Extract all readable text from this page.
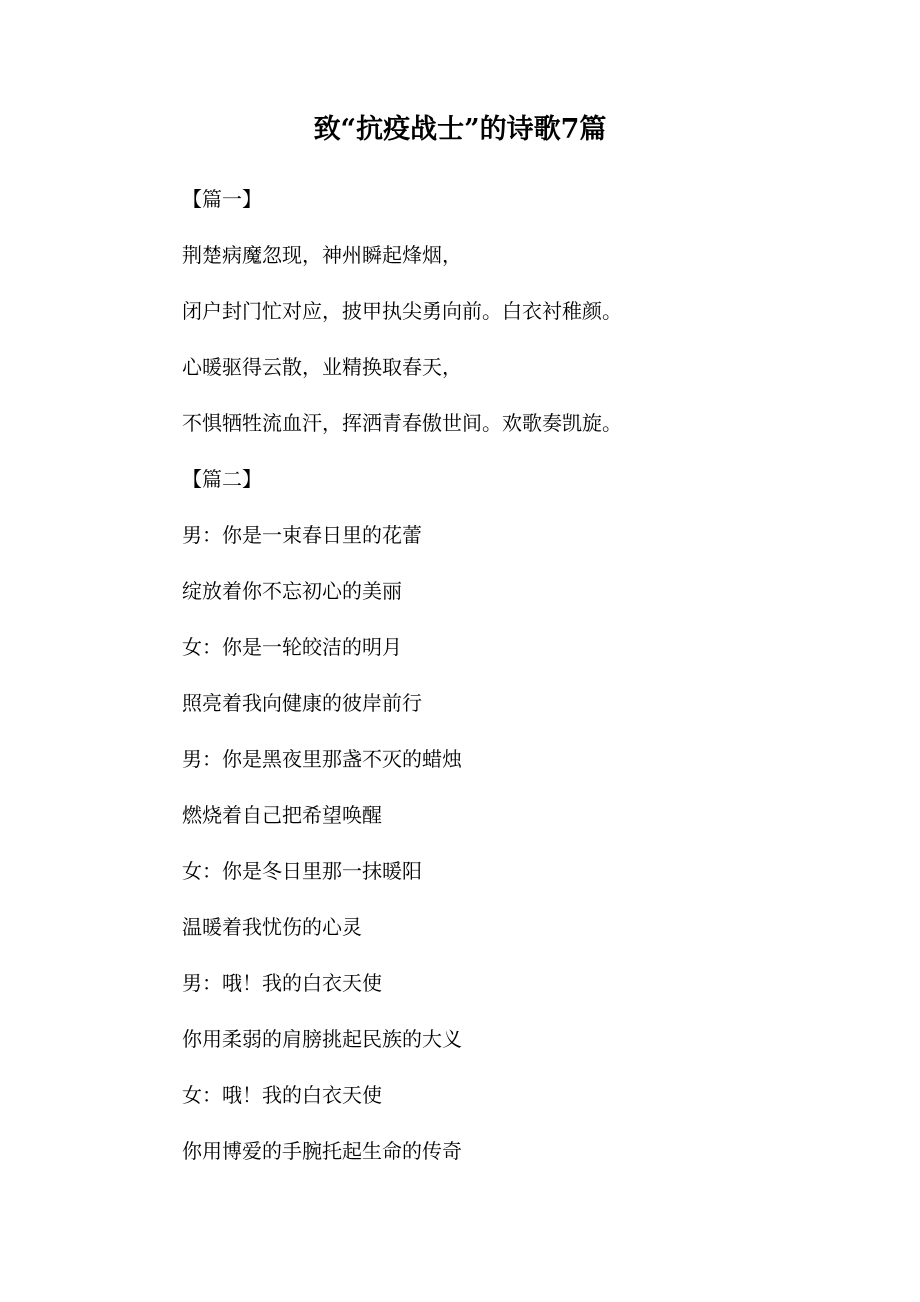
致“抗疫战士”的诗歌7篇
【篇一】
荆楚病魔忽现，神州瞬起烽烟，
闭户封门忙对应，披甲执尖勇向前。白衣衬稚颜。
心暖驱得云散，业精换取春天，
不惧牺牲流血汗，挥洒青春傲世间。欢歌奏凯旋。
【篇二】
男：你是一束春日里的花蕾
绽放着你不忘初心的美丽
女：你是一轮皎洁的明月
照亮着我向健康的彼岸前行
男：你是黑夜里那盏不灭的蜡烛
燃烧着自己把希望唤醒
女：你是冬日里那一抹暖阳
温暖着我忧伤的心灵
男：哦！我的白衣天使
你用柔弱的肩膀挑起民族的大义
女：哦！我的白衣天使
你用博爱的手腕托起生命的传奇
